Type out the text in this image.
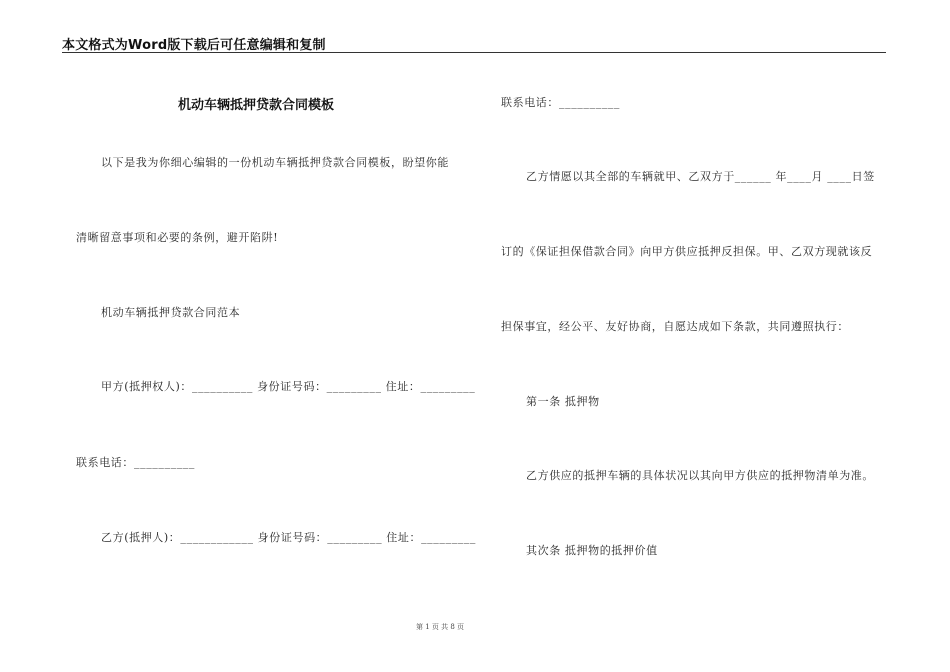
本文格式为Word版下载后可任意编辑和复制
机动车辆抵押贷款合同模板
以下是我为你细心编辑的一份机动车辆抵押贷款合同模板，盼望你能
清晰留意事项和必要的条例，避开陷阱!
机动车辆抵押贷款合同范本
甲方(抵押权人)：__________ 身份证号码：_________ 住址：_________
联系电话：__________
乙方(抵押人)：____________ 身份证号码：_________ 住址：_________
联系电话：__________
乙方情愿以其全部的车辆就甲、乙双方于______ 年____月 ____日签
订的《保证担保借款合同》向甲方供应抵押反担保。甲、乙双方现就该反
担保事宜，经公平、友好协商，自愿达成如下条款，共同遵照执行：
第一条 抵押物
乙方供应的抵押车辆的具体状况以其向甲方供应的抵押物清单为准。
其次条 抵押物的抵押价值
第 1 页 共 8 页
